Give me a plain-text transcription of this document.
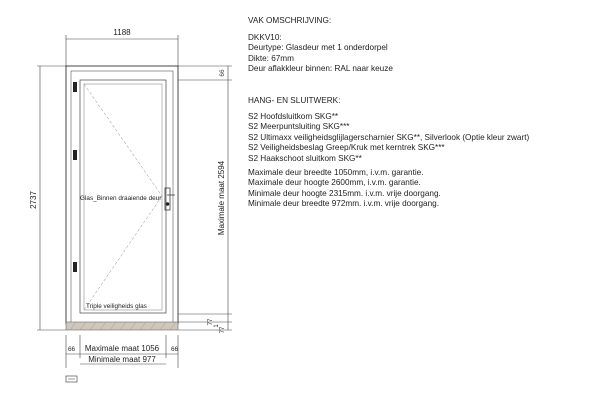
1188
2737	Glas_Binnen draaiende deur
Triple veiligheids glas
66
Maximale maat 2594
77
1
77
66	66
Maximale maat 1056
Minimale maat 977
VAK OMSCHRIJVING:
DKKV10:
Deurtype: Glasdeur met 1 onderdorpel
Dikte: 67mm
Deur aflakkleur binnen: RAL naar keuze
HANG- EN SLUITWERK:
S2 Hoofdsluitkom SKG**
S2 Meerpuntsluiting SKG***
S2 Ultimaxx veiligheidsglijlagerscharnier SKG**, Silverlook (Optie kleur zwart)
S2 Veiligheidsbeslag Greep/Kruk met kerntrek SKG***
S2 Haakschoot sluitkom SKG**
Maximale deur breedte 1050mm, i.v.m. garantie.
Maximale deur hoogte 2600mm, i.v.m. garantie.
Minimale deur hoogte 2315mm. i.v.m. vrije doorgang.
Minimale deur breedte 972mm. i.v.m. vrije doorgang.
